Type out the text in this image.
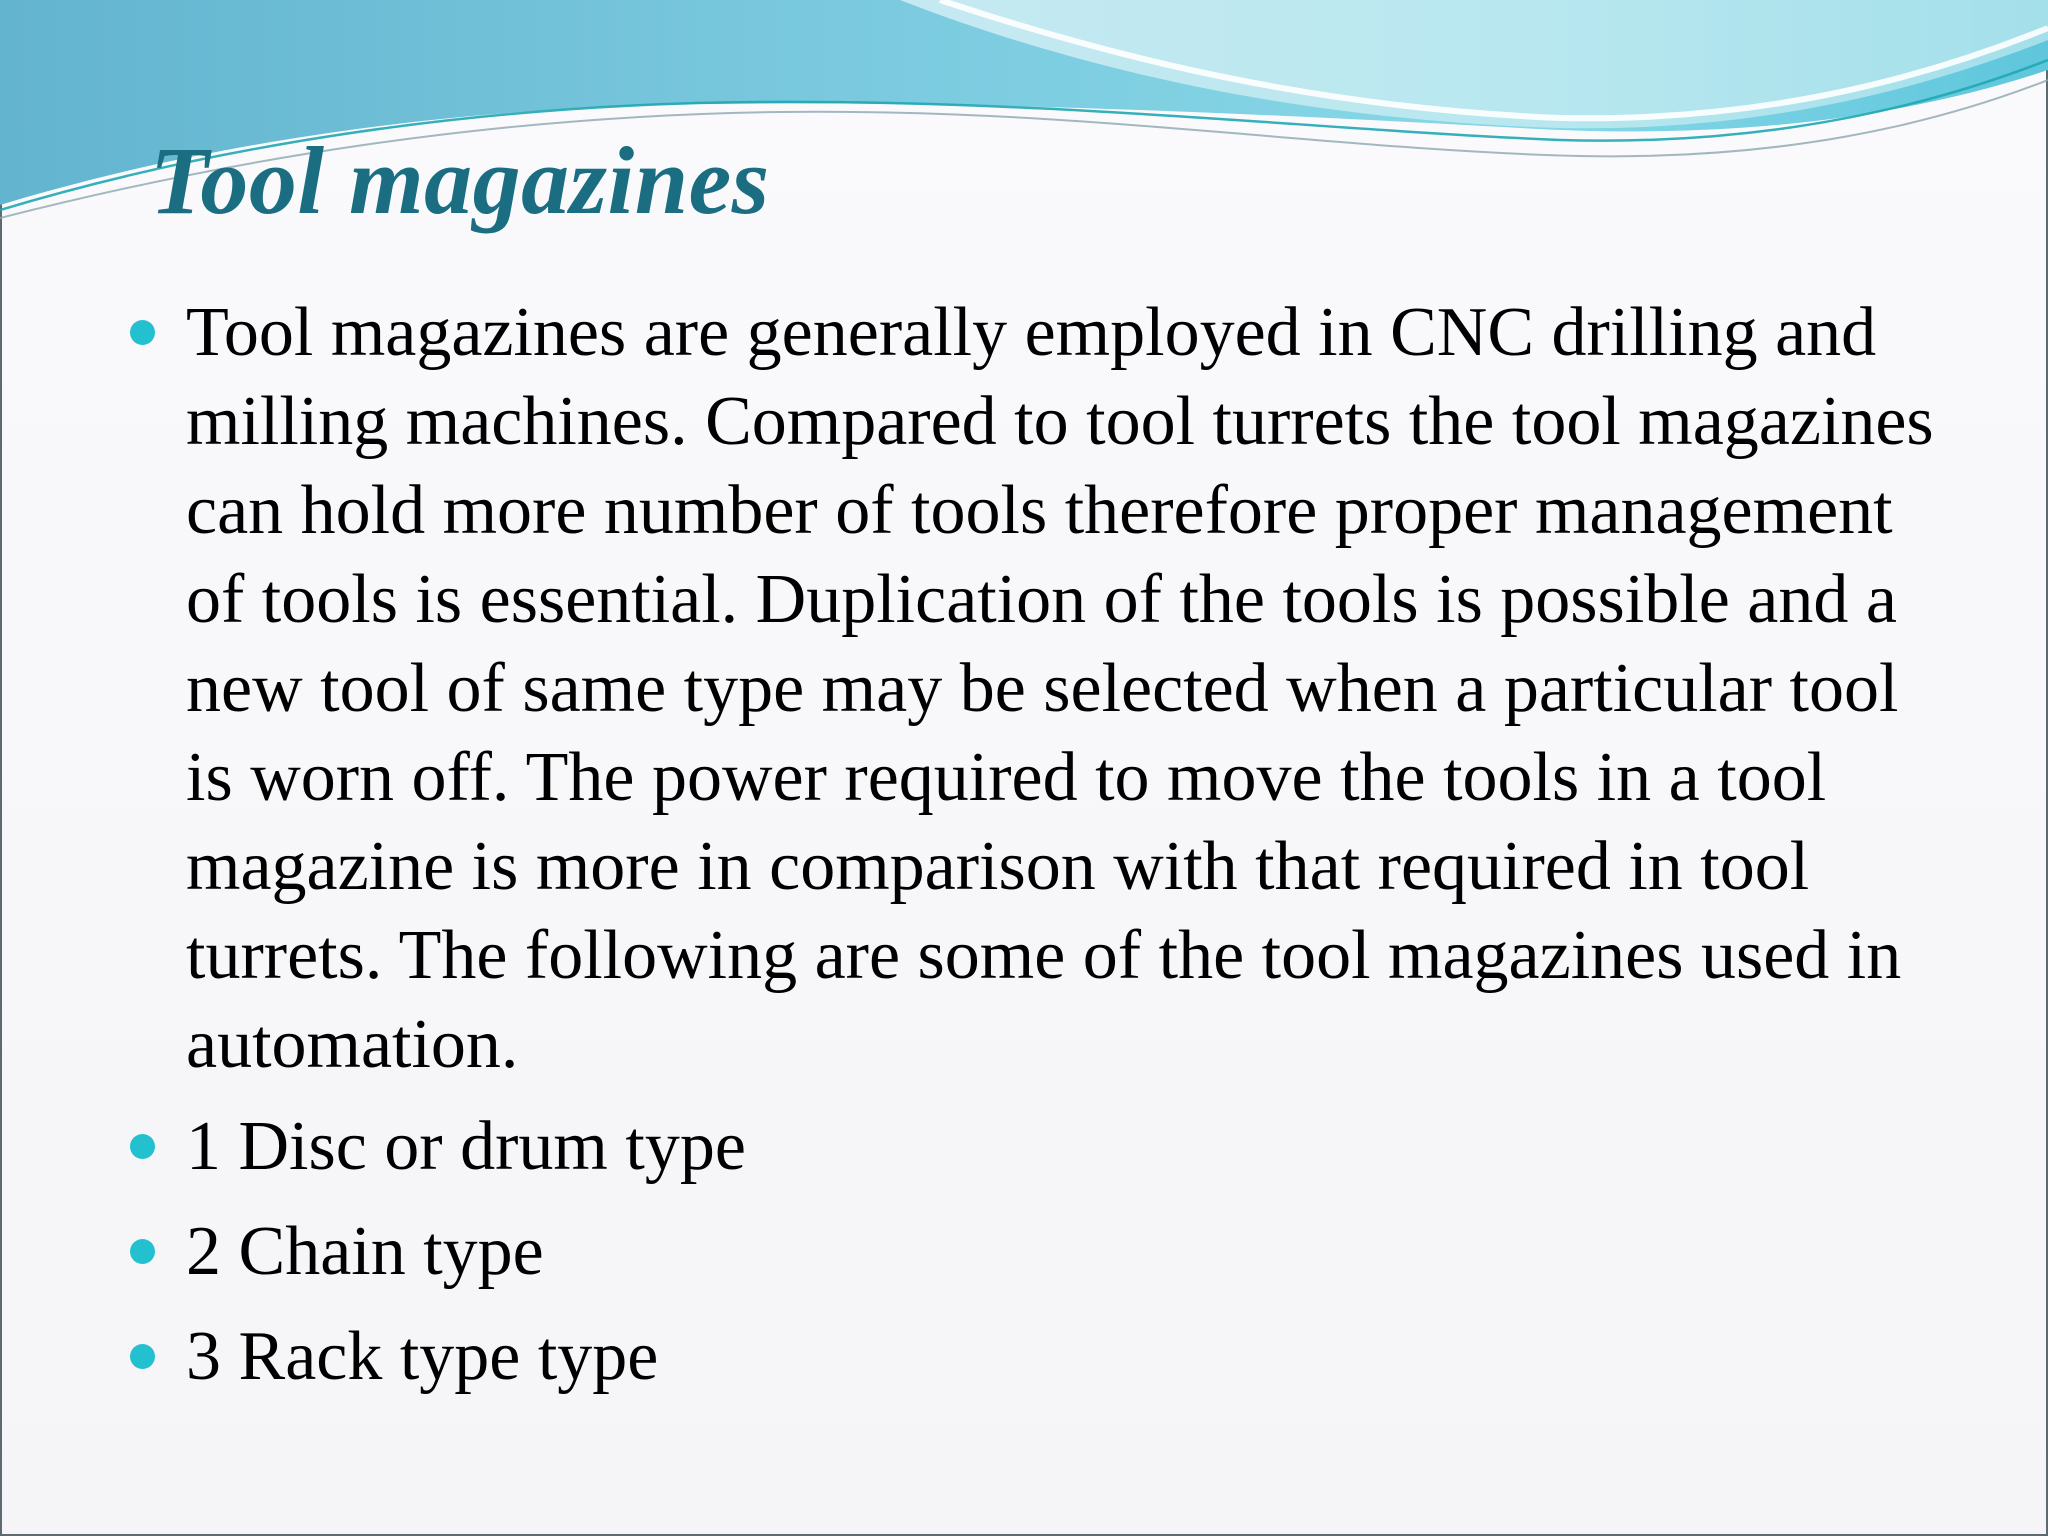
Tool magazines
Tool magazines are generally employed in CNC drilling and milling machines. Compared to tool turrets the tool magazines can hold more number of tools therefore proper management of tools is essential. Duplication of the tools is possible and a new tool of same type may be selected when a particular tool is worn off. The power required to move the tools in a tool magazine is more in comparison with that required in tool turrets. The following are some of the tool magazines used in automation.
1 Disc or drum type
2 Chain type
3 Rack type type
